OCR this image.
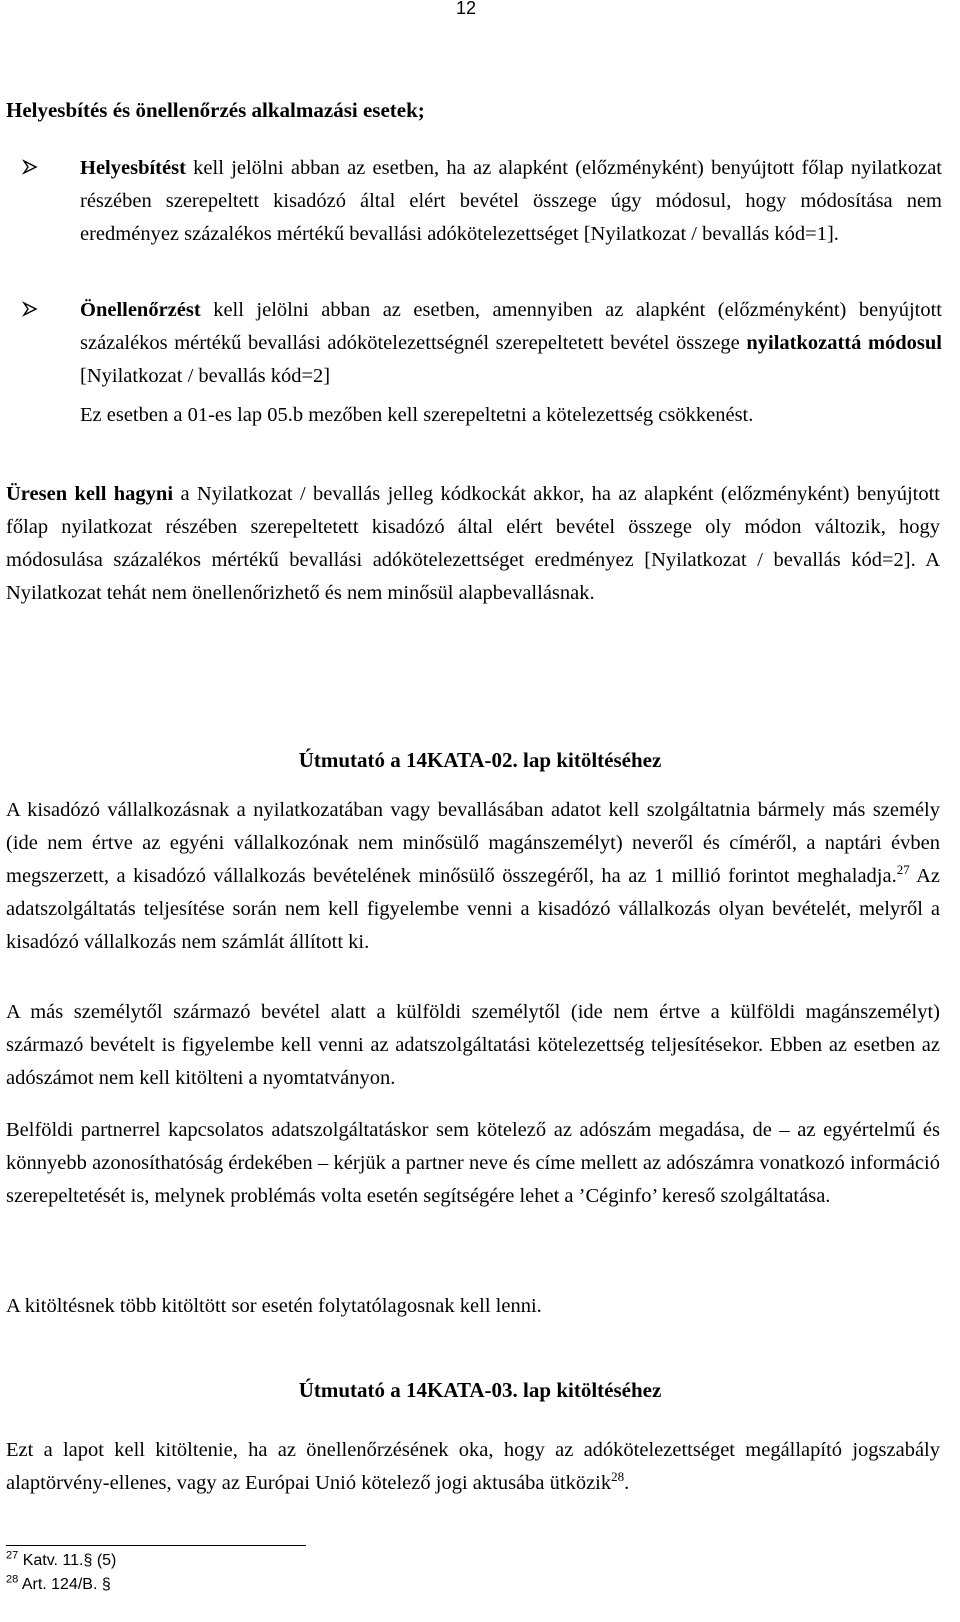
12
Helyesbítés és önellenőrzés alkalmazási esetek;
Helyesbítést kell jelölni abban az esetben, ha az alapként (előzményként) benyújtott főlap nyilatkozat részében szerepeltett kisadózó által elért bevétel összege úgy módosul, hogy módosítása nem eredményez százalékos mértékű bevallási adókötelezettséget [Nyilatkozat / bevallás kód=1].
Önellenőrzést kell jelölni abban az esetben, amennyiben az alapként (előzményként) benyújtott százalékos mértékű bevallási adókötelezettségnél szerepeltetett bevétel összege nyilatkozattá módosul [Nyilatkozat / bevallás kód=2]
Ez esetben a 01-es lap 05.b mezőben kell szerepeltetni a kötelezettség csökkenést.
Üresen kell hagyni a Nyilatkozat / bevallás jelleg kódkockát akkor, ha az alapként (előzményként) benyújtott főlap nyilatkozat részében szerepeltetett kisadózó által elért bevétel összege oly módon változik, hogy módosulása százalékos mértékű bevallási adókötelezettséget eredményez [Nyilatkozat / bevallás kód=2]. A Nyilatkozat tehát nem önellenőrizhető és nem minősül alapbevallásnak.
Útmutató a 14KATA-02. lap kitöltéséhez
A kisadózó vállalkozásnak a nyilatkozatában vagy bevallásában adatot kell szolgáltatnia bármely más személy (ide nem értve az egyéni vállalkozónak nem minősülő magánszemélyt) neveről és címéről, a naptári évben megszerzett, a kisadózó vállalkozás bevételének minősülő összegéről, ha az 1 millió forintot meghaladja.$^{27}$ Az adatszolgáltatás teljesítése során nem kell figyelembe venni a kisadózó vállalkozás olyan bevételét, melyről a kisadózó vállalkozás nem számlát állított ki.
A más személytől származó bevétel alatt a külföldi személytől (ide nem értve a külföldi magánszemélyt) származó bevételt is figyelembe kell venni az adatszolgáltatási kötelezettség teljesítésekor. Ebben az esetben az adószámot nem kell kitölteni a nyomtatványon.
Belföldi partnerrel kapcsolatos adatszolgáltatáskor sem kötelező az adószám megadása, de – az egyértelmű és könnyebb azonosíthatóság érdekében – kérjük a partner neve és címe mellett az adószámra vonatkozó információ szerepeltetését is, melynek problémás volta esetén segítségére lehet a ’Céginfo’ kereső szolgáltatása.
A kitöltésnek több kitöltött sor esetén folytatólagosnak kell lenni.
Útmutató a 14KATA-03. lap kitöltéséhez
Ezt a lapot kell kitöltenie, ha az önellenőrzésének oka, hogy az adókötelezettséget megállapító jogszabály alaptörvény-ellenes, vagy az Európai Unió kötelező jogi aktusába ütközik$^{28}$.
$^{27}$ Katv. 11.§ (5)
$^{28}$ Art. 124/B. §
